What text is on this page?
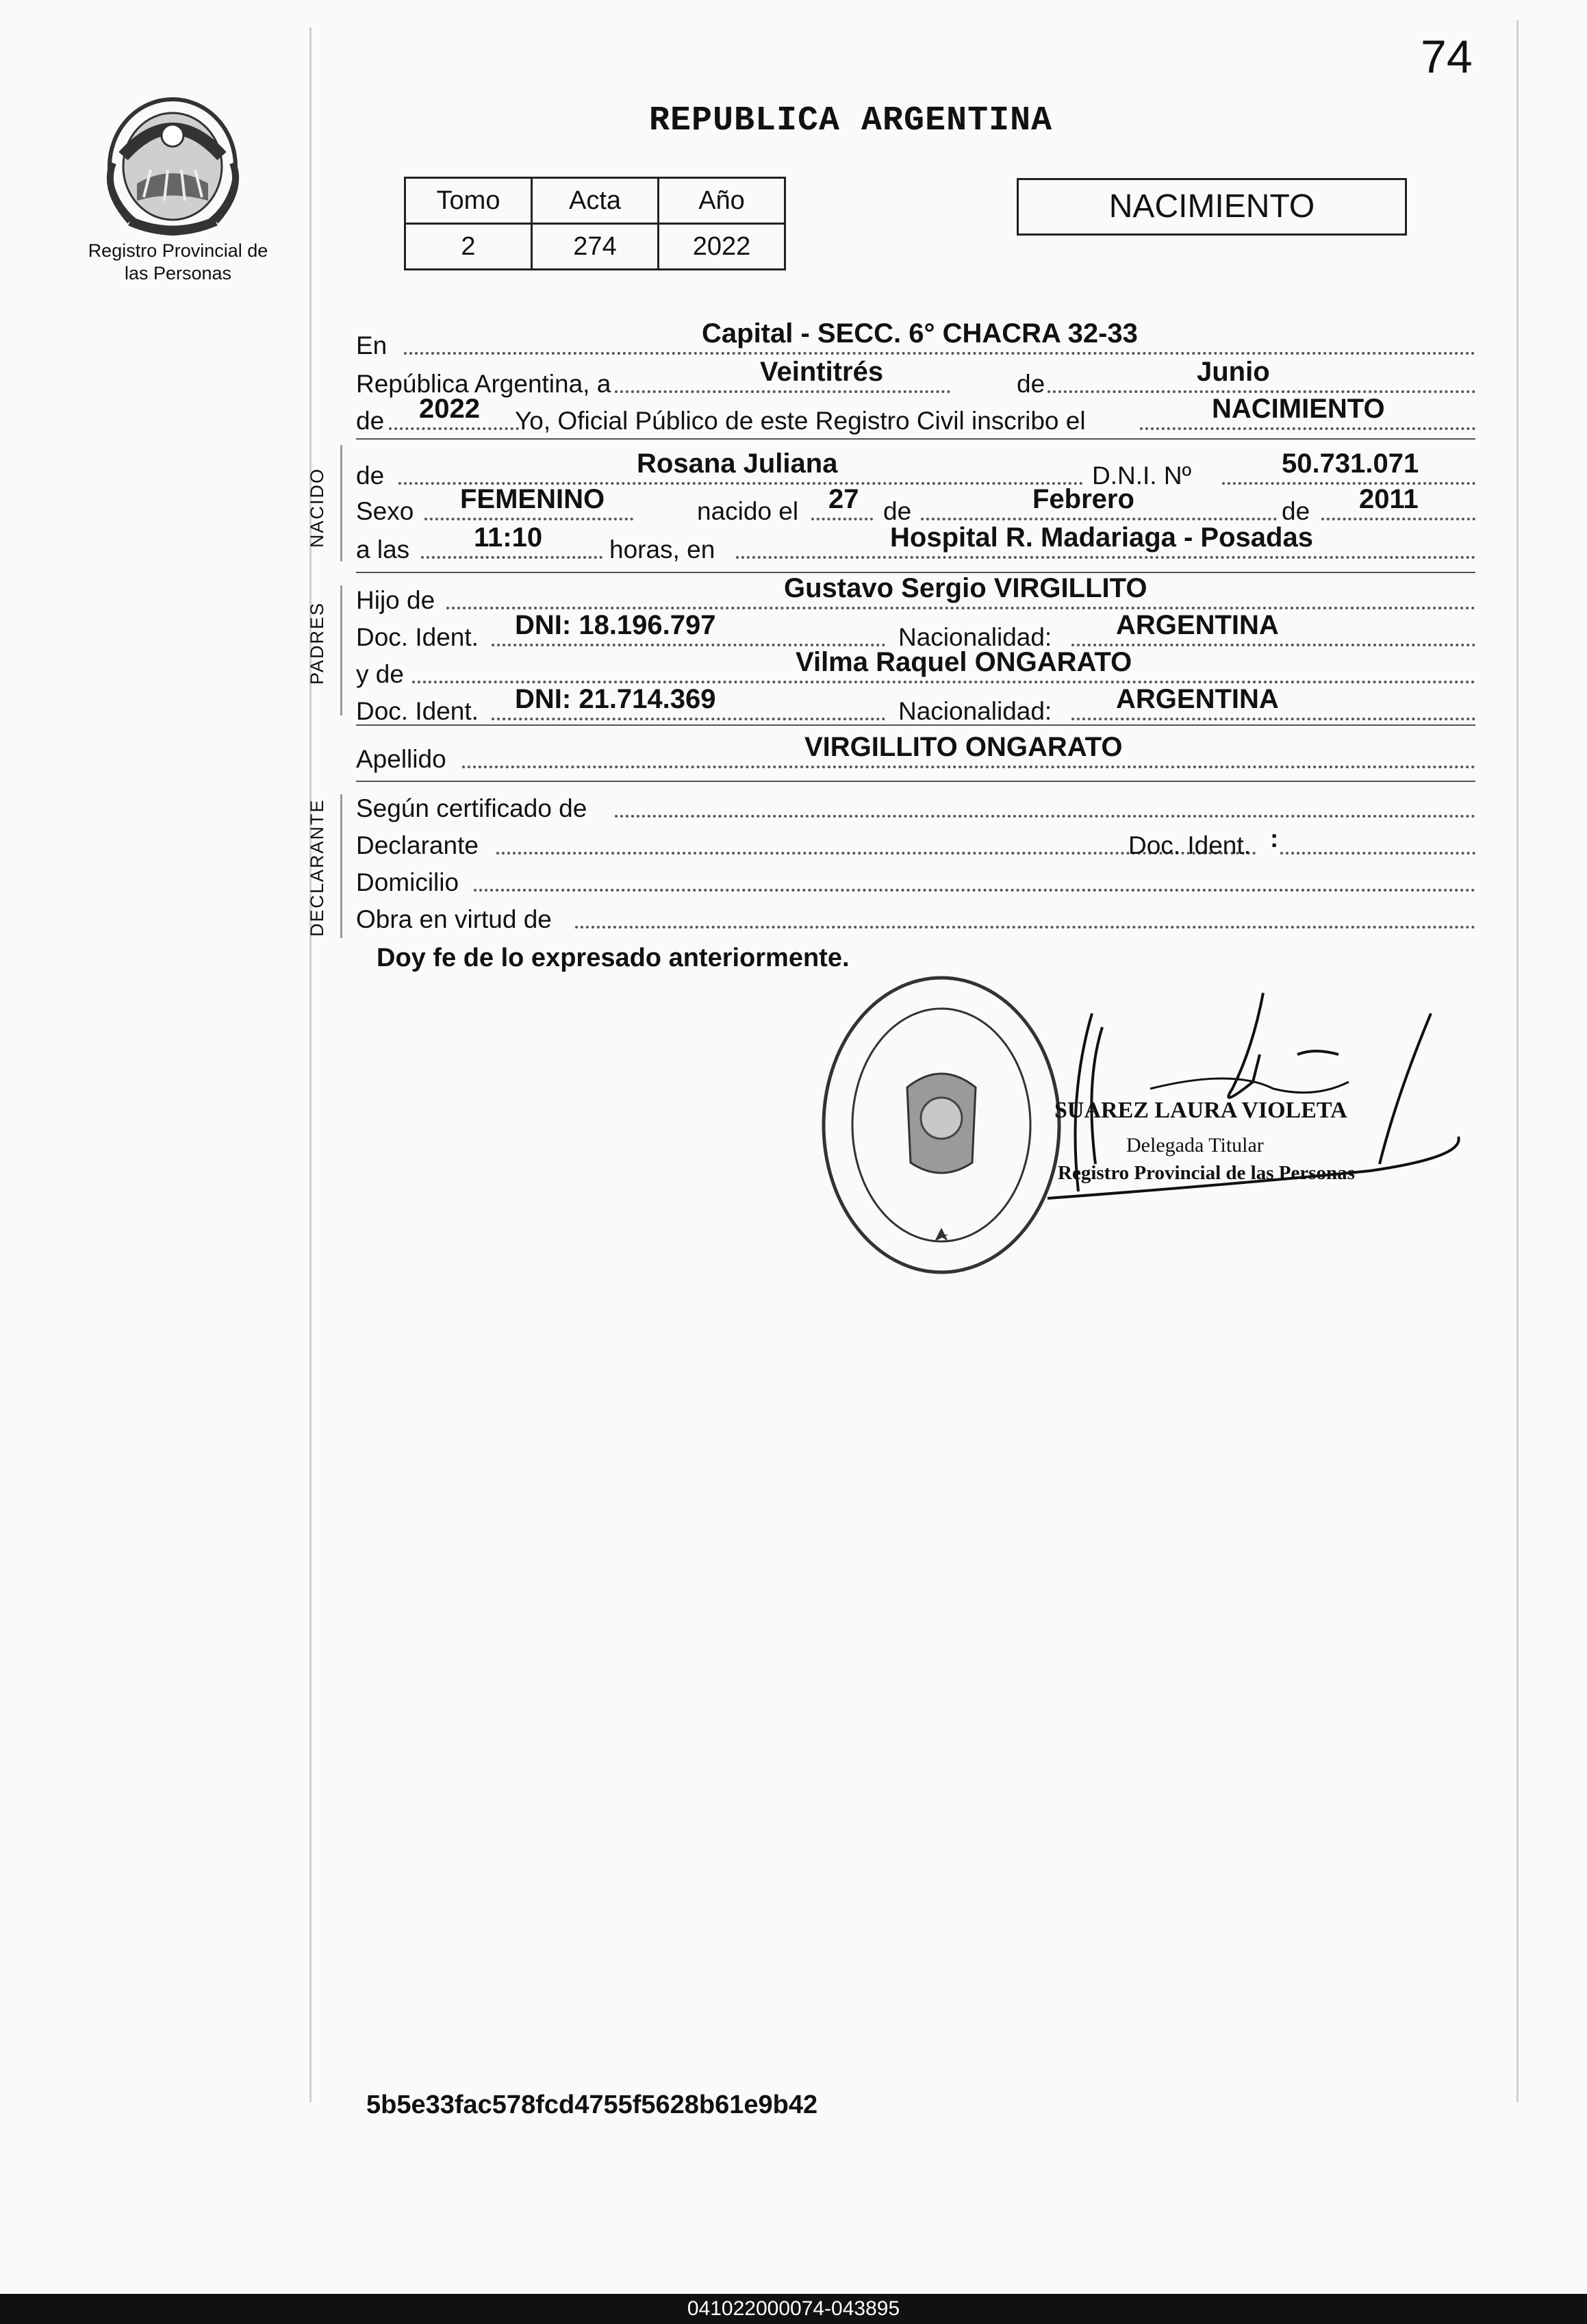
74
Registro Provincial de las Personas
REPUBLICA ARGENTINA
Tomo	Acta	Año
2	274	2022
NACIMIENTO
NACIDO
PADRES
DECLARANTE
En	Capital - SECC. 6° CHACRA 32-33
República Argentina, a	Veintitrés	de	Junio
de 2022 Yo, Oficial Público de este Registro Civil inscribo el	NACIMIENTO
de	Rosana Juliana	D.N.I. Nº	50.731.071
Sexo FEMENINO	nacido el 27 de	Febrero	de 2011
a las 11:10	horas, en	Hospital R. Madariaga - Posadas
Hijo de	Gustavo Sergio VIRGILLITO
Doc. Ident. DNI: 18.196.797	Nacionalidad: ARGENTINA
y de	Vilma Raquel ONGARATO
Doc. Ident. DNI: 21.714.369	Nacionalidad: ARGENTINA
Apellido	VIRGILLITO ONGARATO
Según certificado de
Declarante	Doc. Ident. :
Domicilio
Obra en virtud de
Doy fe de lo expresado anteriormente.
SUAREZ LAURA VIOLETA
Delegada Titular
Registro Provincial de las Personas
5b5e33fac578fcd4755f5628b61e9b42
041022000074-043895
